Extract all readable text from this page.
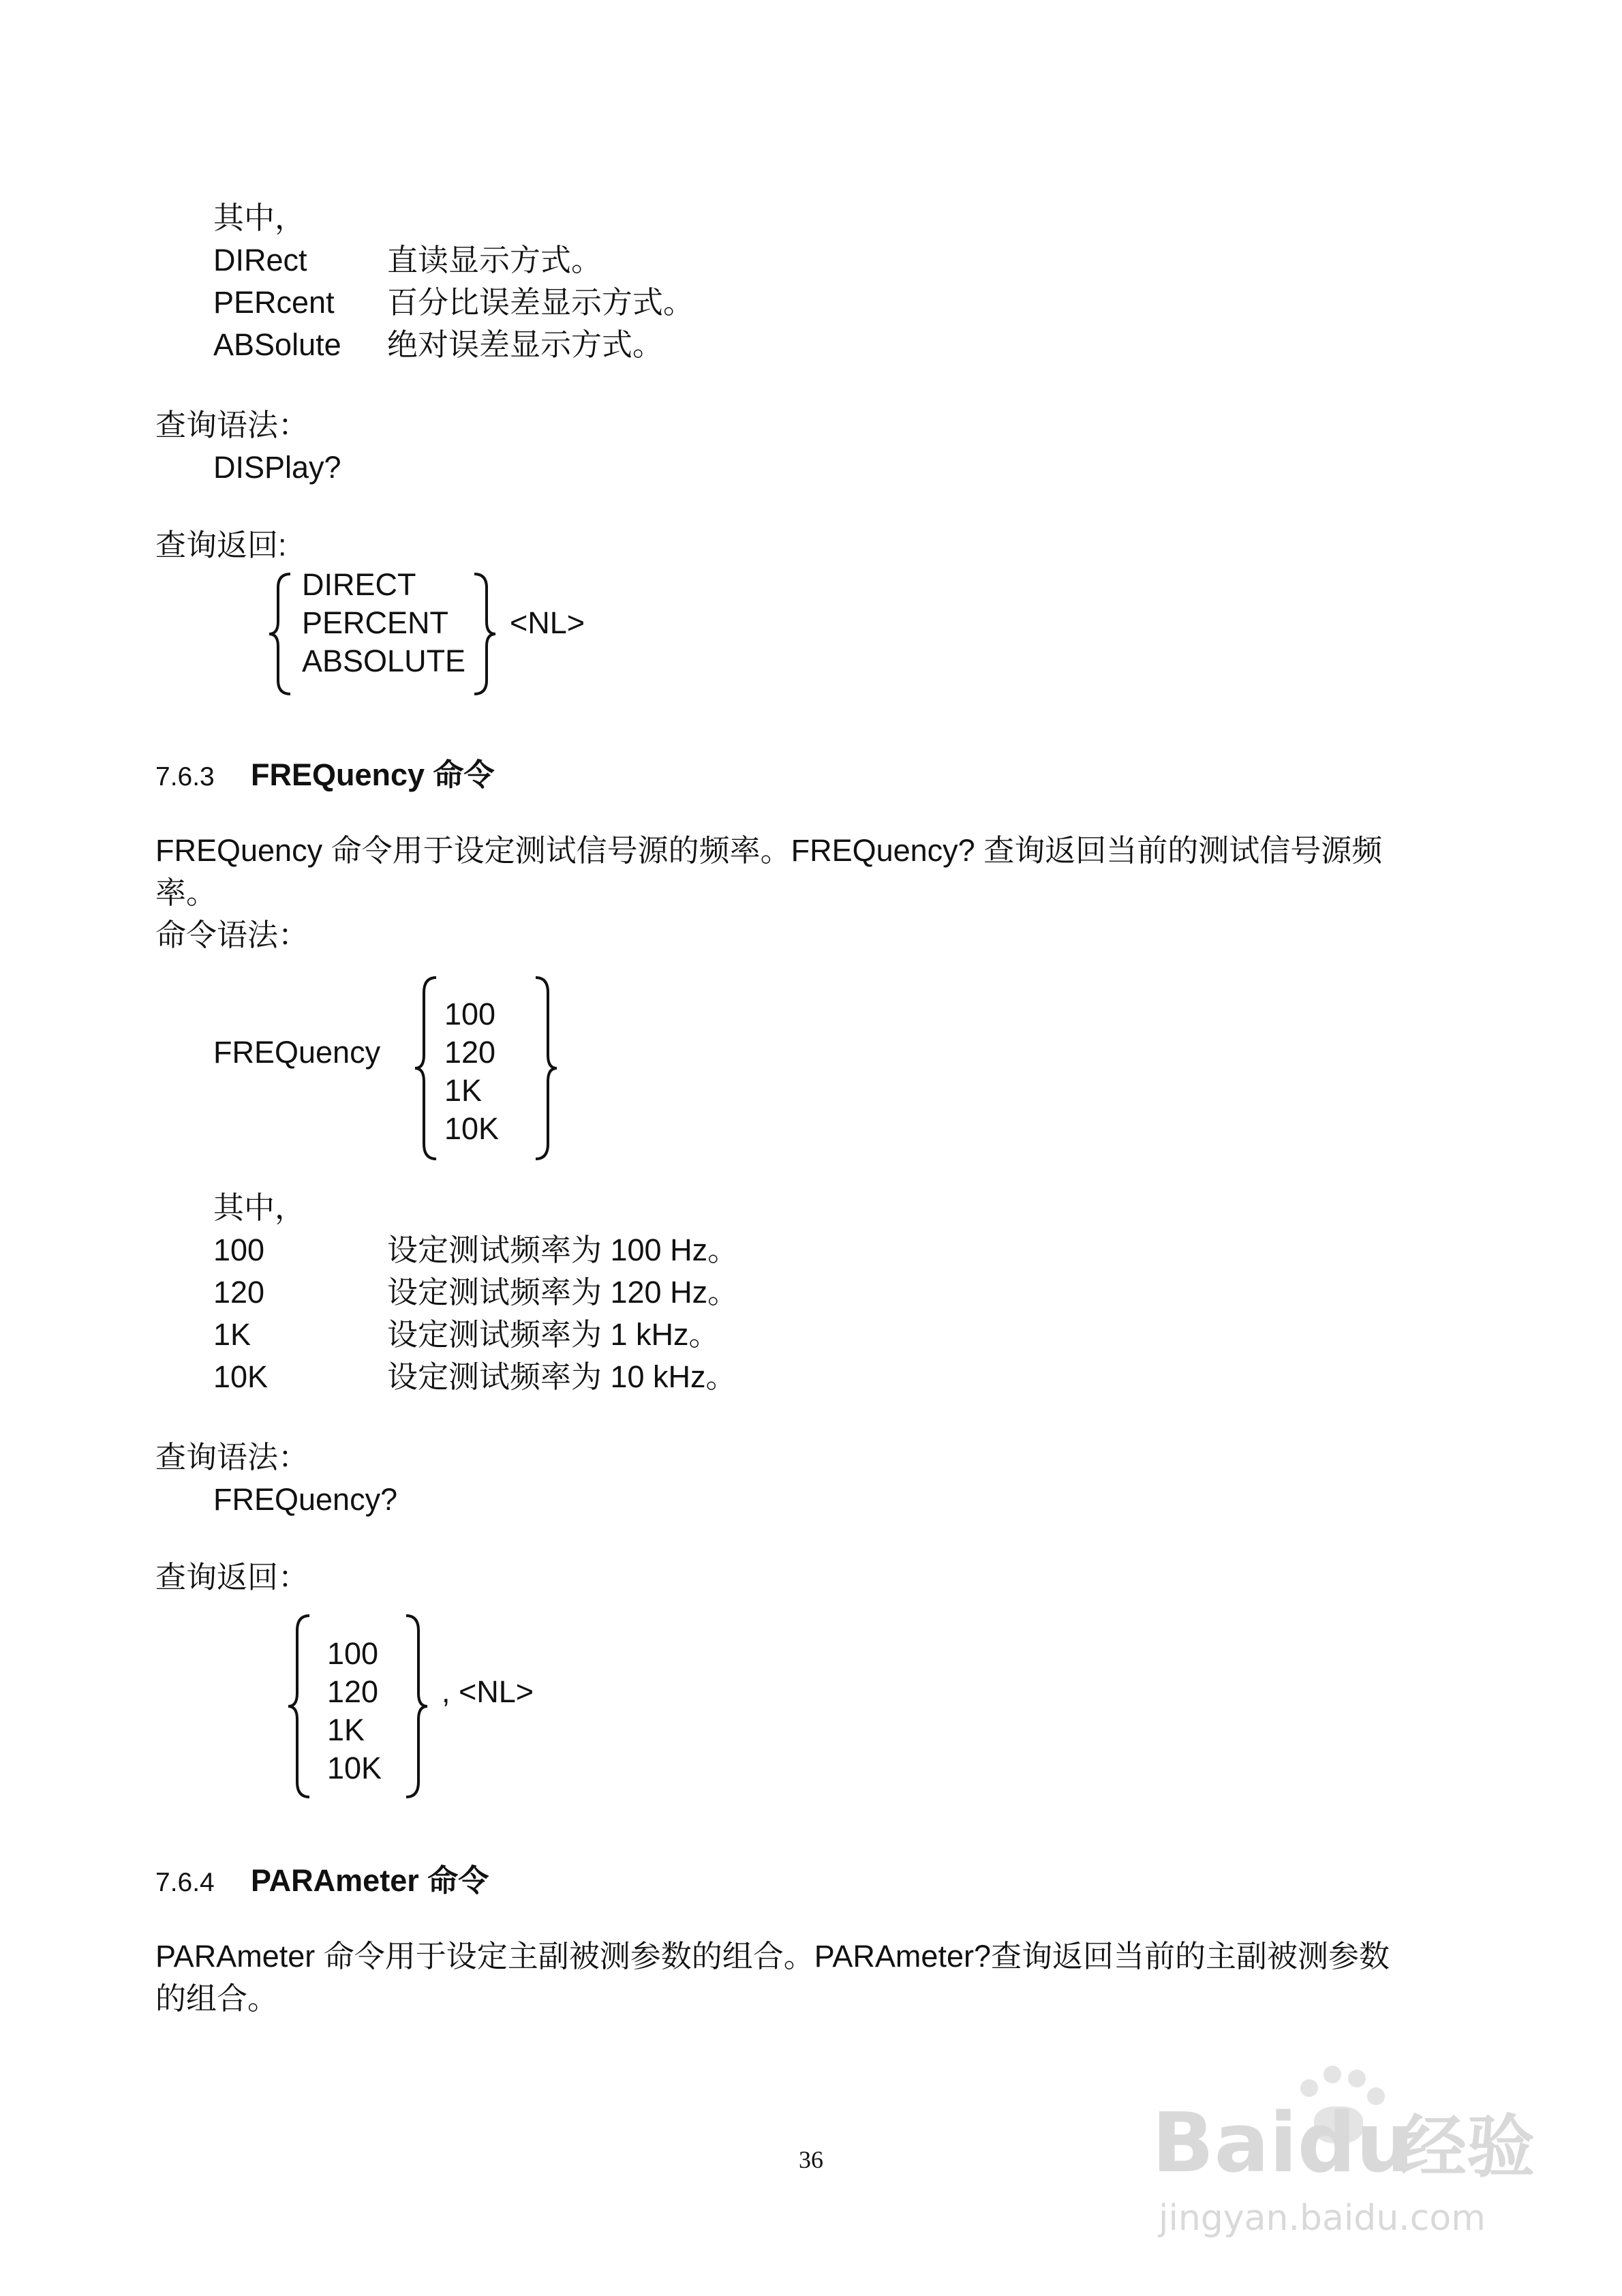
其中，
DIRect	直读显示方式。
PERcent 百分比误差显示方式。
ABSolute 绝对误差显示方式。
查询语法：
DISPlay?
查询返回:
DIRECT
PERCENT
ABSOLUTE
<NL>
7.6.3 FREQuency 命令
FREQuency 命令用于设定测试信号源的频率。FREQuency? 查询返回当前的测试信号源频
率。
命令语法：
FREQuency
100
120
1K
10K
其中，
100	设定测试频率为 100 Hz。
120	设定测试频率为 120 Hz。
1K	设定测试频率为 1 kHz。
10K	设定测试频率为 10 kHz。
查询语法：
FREQuency?
查询返回：
100
120
1K
10K
, <NL>
7.6.4 PARAmeter 命令
PARAmeter 命令用于设定主副被测参数的组合。PARAmeter?查询返回当前的主副被测参数
的组合。
36	Baidu
经验
jingyan.baidu.com
